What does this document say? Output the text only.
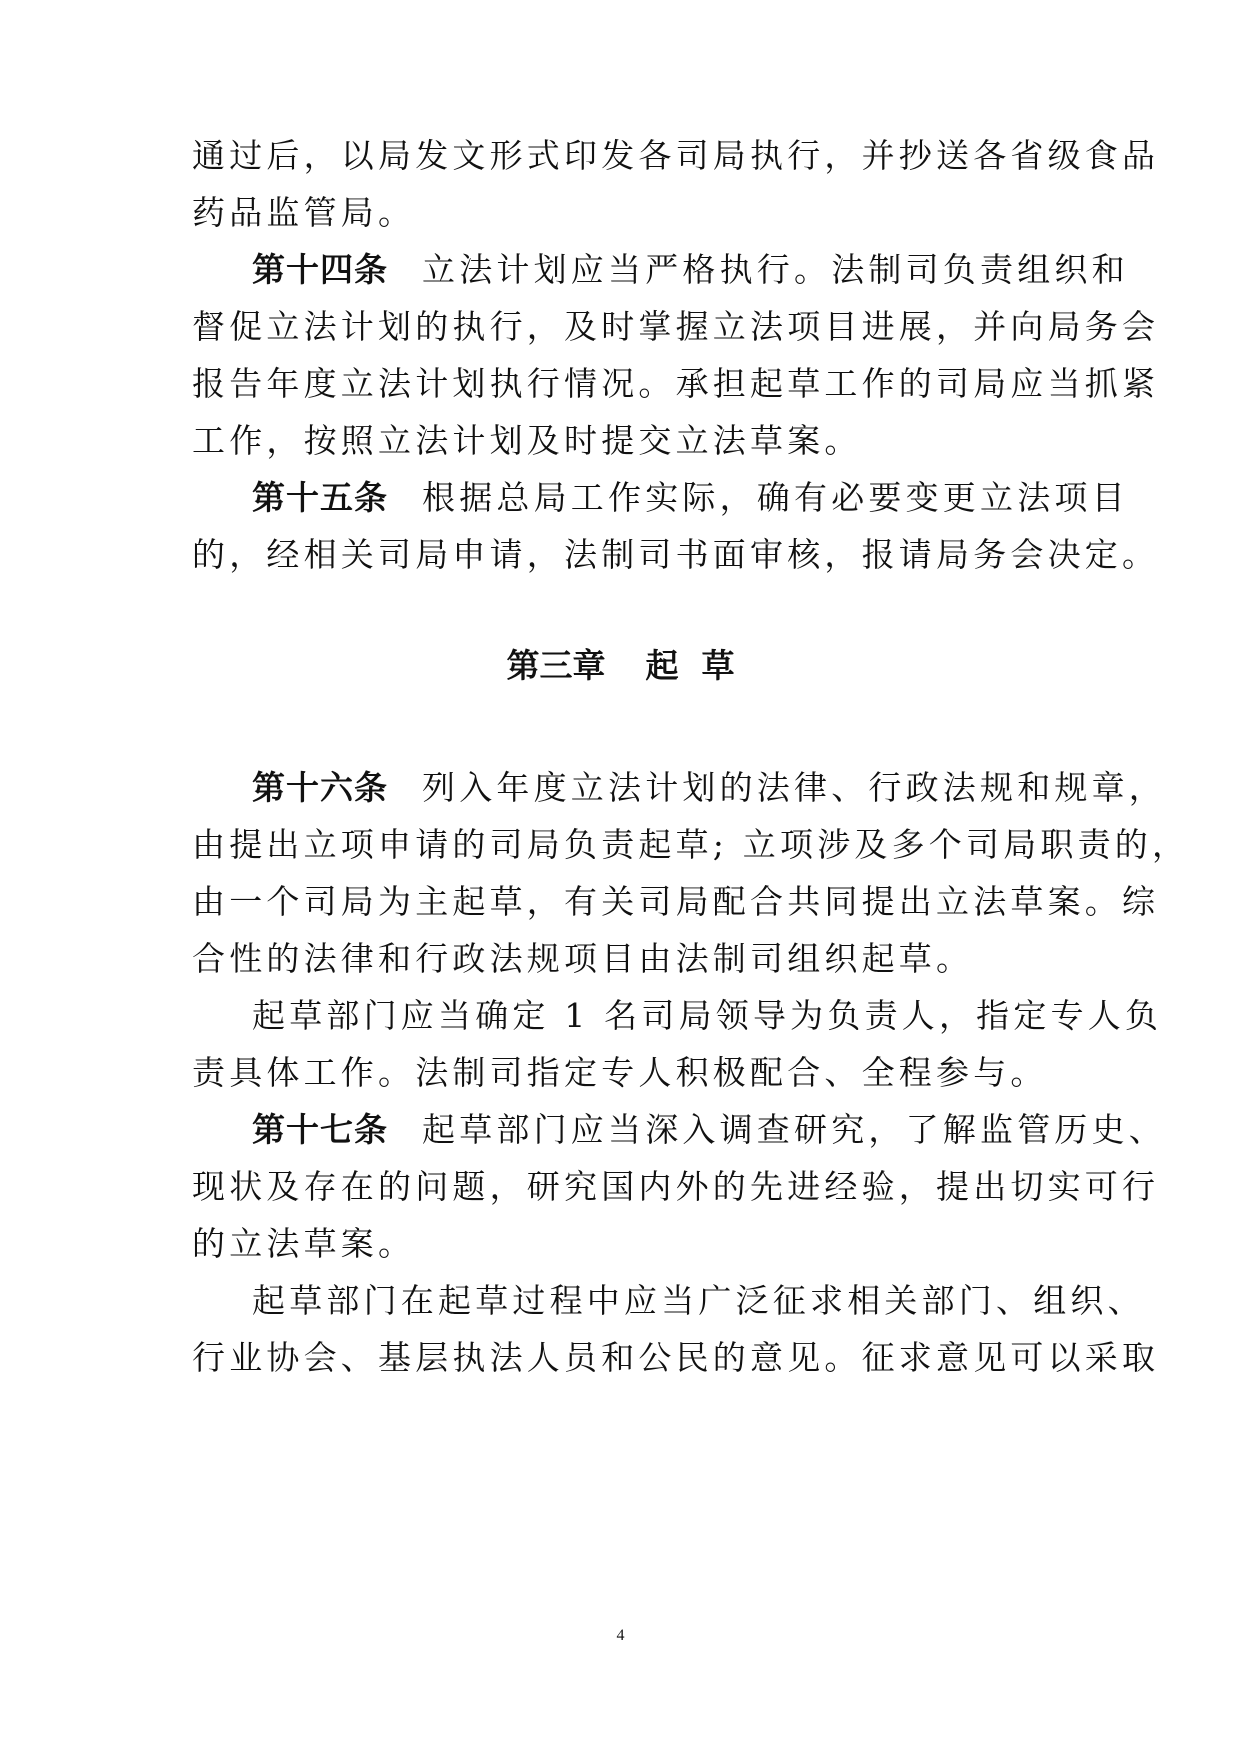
通过后，以局发文形式印发各司局执行，并抄送各省级食品
药品监管局。
第十四条 立法计划应当严格执行。法制司负责组织和
督促立法计划的执行，及时掌握立法项目进展，并向局务会
报告年度立法计划执行情况。承担起草工作的司局应当抓紧
工作，按照立法计划及时提交立法草案。
第十五条 根据总局工作实际，确有必要变更立法项目
的，经相关司局申请，法制司书面审核，报请局务会决定。
第三章 起  草
第十六条 列入年度立法计划的法律、行政法规和规章，
由提出立项申请的司局负责起草; 立项涉及多个司局职责的，
由一个司局为主起草，有关司局配合共同提出立法草案。综
合性的法律和行政法规项目由法制司组织起草。
起草部门应当确定 1 名司局领导为负责人，指定专人负
责具体工作。法制司指定专人积极配合、全程参与。
第十七条 起草部门应当深入调查研究，了解监管历史、
现状及存在的问题，研究国内外的先进经验，提出切实可行
的立法草案。
起草部门在起草过程中应当广泛征求相关部门、组织、
行业协会、基层执法人员和公民的意见。征求意见可以采取
4
